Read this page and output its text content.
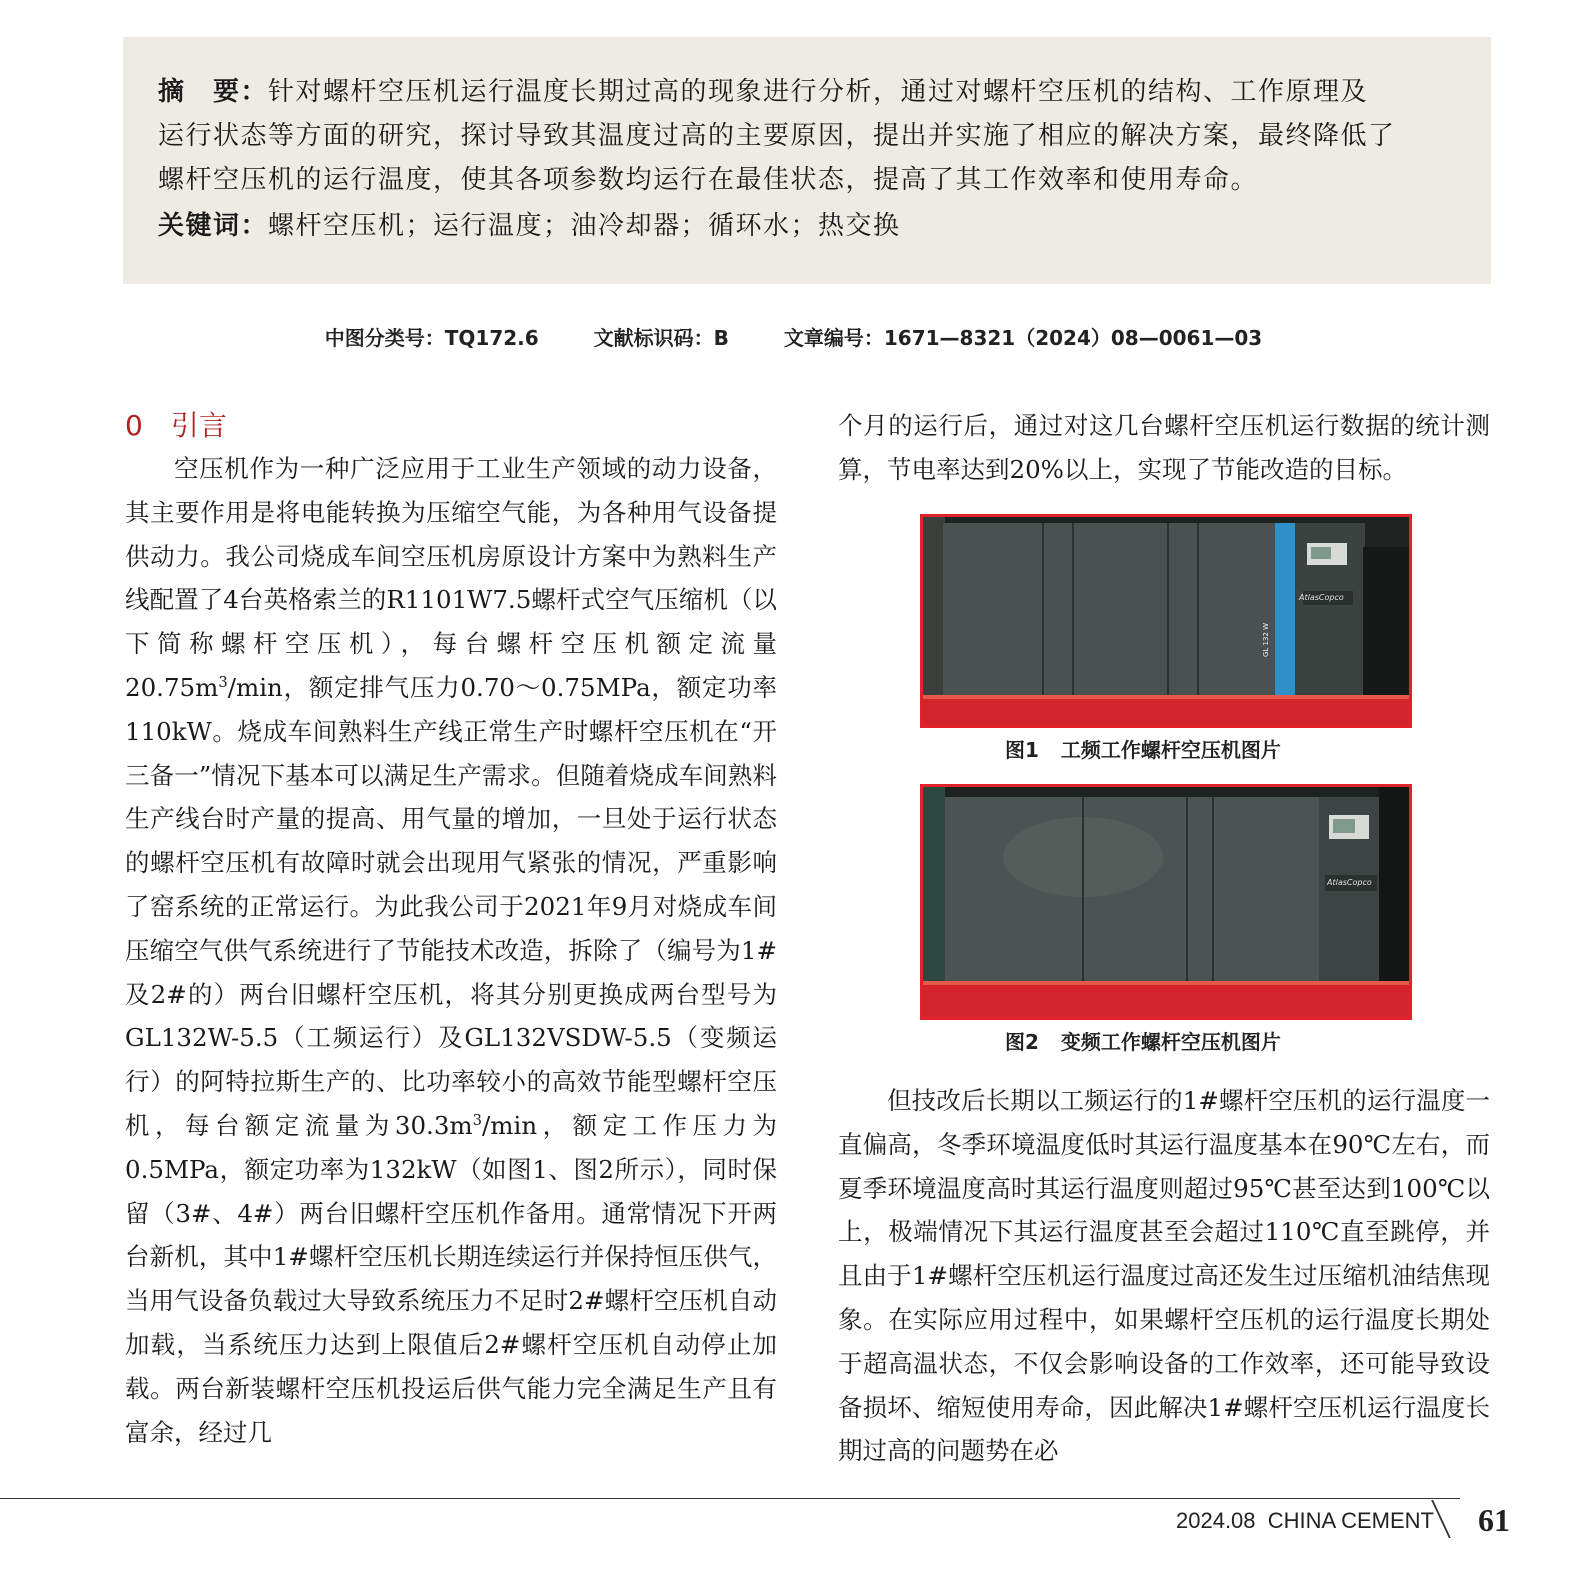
摘　要：针对螺杆空压机运行温度长期过高的现象进行分析，通过对螺杆空压机的结构、工作原理及
运行状态等方面的研究，探讨导致其温度过高的主要原因，提出并实施了相应的解决方案，最终降低了
螺杆空压机的运行温度，使其各项参数均运行在最佳状态，提高了其工作效率和使用寿命。
关键词：螺杆空压机；运行温度；油冷却器；循环水；热交换
中图分类号：TQ172.6	文献标识码：B	文章编号：1671—8321（2024）08—0061—03
0 引言

空压机作为一种广泛应用于工业生产领域的动力设备，其主要作用是将电能转换为压缩空气能，为各种用气设备提供动力。我公司烧成车间空压机房原设计方案中为熟料生产线配置了4台英格索兰的R1101W7.5螺杆式空气压缩机（以下简称螺杆空压机），每台螺杆空压机额定流量$20.75m^3/\min$，额定排气压力0.70～0.75MPa，额定功率110kW。烧成车间熟料生产线正常生产时螺杆空压机在“开三备一”情况下基本可以满足生产需求。但随着烧成车间熟料生产线台时产量的提高、用气量的增加，一旦处于运行状态的螺杆空压机有故障时就会出现用气紧张的情况，严重影响了窑系统的正常运行。为此我公司于2021年9月对烧成车间压缩空气供气系统进行了节能技术改造，拆除了（编号为1#及2#的）两台旧螺杆空压机，将其分别更换成两台型号为GL132W-5.5（工频运行）及GL132VSDW-5.5（变频运行）的阿特拉斯生产的、比功率较小的高效节能型螺杆空压机，每台额定流量为$30.3m^3/\min$，额定工作压力为0.5MPa，额定功率为132kW（如图1、图2所示），同时保留（3#、4#）两台旧螺杆空压机作备用。通常情况下开两台新机，其中1#螺杆空压机长期连续运行并保持恒压供气，当用气设备负载过大导致系统压力不足时2#螺杆空压机自动加载，当系统压力达到上限值后2#螺杆空压机自动停止加载。两台新装螺杆空压机投运后供气能力完全满足生产且有富余，经过几

个月的运行后，通过对这几台螺杆空压机运行数据的统计测算，节电率达到20%以上，实现了节能改造的目标。

AtlasCopco
GL 132 W
图1 工频工作螺杆空压机图片
AtlasCopco
图2 变频工作螺杆空压机图片

但技改后长期以工频运行的1#螺杆空压机的运行温度一直偏高，冬季环境温度低时其运行温度基本在90℃左右，而夏季环境温度高时其运行温度则超过95℃甚至达到100℃以上，极端情况下其运行温度甚至会超过110℃直至跳停，并且由于1#螺杆空压机运行温度过高还发生过压缩机油结焦现象。在实际应用过程中，如果螺杆空压机的运行温度长期处于超高温状态，不仅会影响设备的工作效率，还可能导致设备损坏、缩短使用寿命，因此解决1#螺杆空压机运行温度长期过高的问题势在必

2024.08  CHINA CEMENT 61
